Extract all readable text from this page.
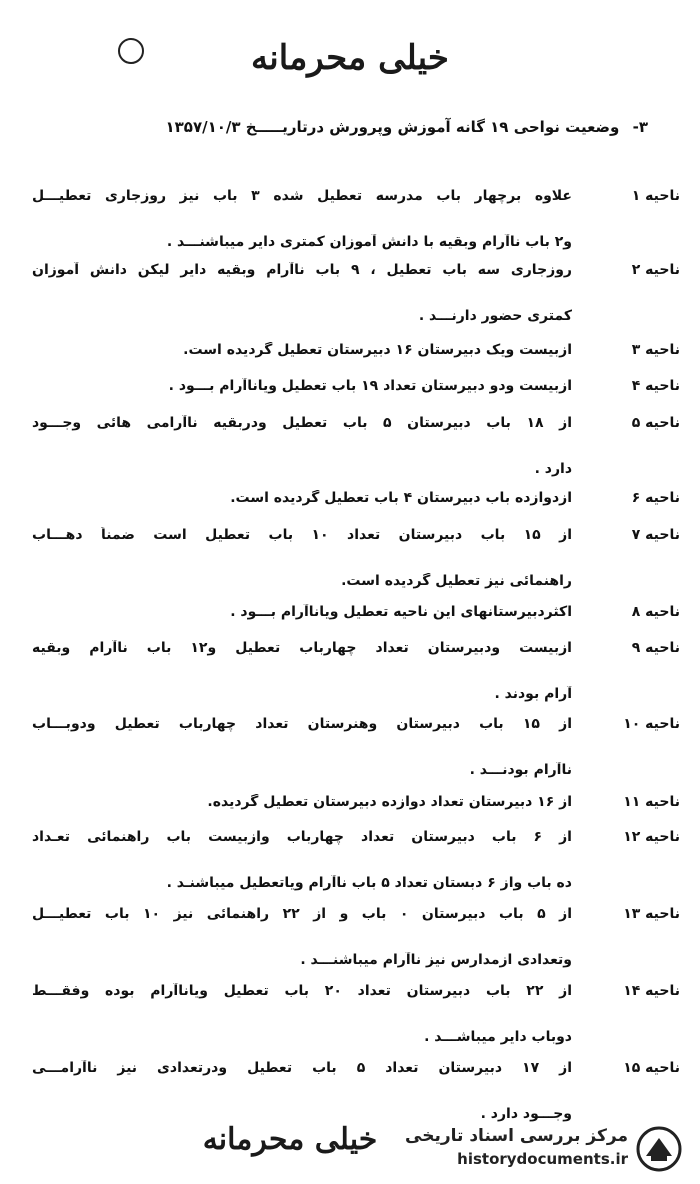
خیلی محرمانه
۳- وضعیت نواحی ۱۹ گانه آموزش وپرورش درتاریـــــخ ۱۳۵۷/۱۰/۳
ناحیه ۱
علاوه برچهار باب مدرسه تعطیل شده ۳ باب نیز روزجاری تعطیـــل
و۲ باب ناآرام وبقیه با دانش آموزان کمتری دایر میباشنـــد .
ناحیه ۲
روزجاری سه باب تعطیل ، ۹ باب ناآرام وبقیه دایر لیکن دانش آموزان
کمتری حضور دارنـــد .
ناحیه ۳
ازبیست ویک دبیرستان ۱۶ دبیرستان تعطیل گردیده است.
ناحیه ۴
ازبیست ودو دبیرستان تعداد ۱۹ باب تعطیل ویاناآرام بـــود .
ناحیه ۵
از ۱۸ باب دبیرستان ۵ باب تعطیل ودربقیه ناآرامی هائی وجـــود
دارد .
ناحیه ۶
ازدوازده باب دبیرستان ۴ باب تعطیل گردیده است.
ناحیه ۷
از ۱۵ باب دبیرستان تعداد ۱۰ باب تعطیل است ضمناً دهـــاب
راهنمائی نیز تعطیل گردیده است.
ناحیه ۸
اکثردبیرستانهای این ناحیه تعطیل ویاناآرام بـــود .
ناحیه ۹
ازبیست ودبیرستان تعداد چهارباب تعطیل و۱۲ باب ناآرام وبقیه
آرام بودند .
ناحیه ۱۰
از ۱۵ باب دبیرستان وهنرستان تعداد چهارباب تعطیل ودوبـــاب
ناآرام بودنـــد .
ناحیه ۱۱
از ۱۶ دبیرستان تعداد دوازده دبیرستان تعطیل گردیده.
ناحیه ۱۲
از ۶ باب دبیرستان تعداد چهارباب وازبیست باب راهنمائی تعـداد
ده باب واز ۶ دبستان تعداد ۵ باب ناآرام ویاتعطیل میباشنـد .
ناحیه ۱۳
از ۵ باب دبیرستان ۰ باب و از ۲۲ راهنمائی نیز ۱۰ باب تعطیـــل
وتعدادی ازمدارس نیز ناآرام میباشنـــد .
ناحیه ۱۴
از ۲۲ باب دبیرستان تعداد ۲۰ باب تعطیل ویاناآرام بوده وفقـــط
دوباب دایر میباشـــد .
ناحیه ۱۵
از ۱۷ دبیرستان تعداد ۵ باب تعطیل ودرتعدادی نیز ناآرامـــی
وجـــود دارد .
خیلی محرمانه	مرکز بررسی اسناد تاریخی
historydocuments.ir
